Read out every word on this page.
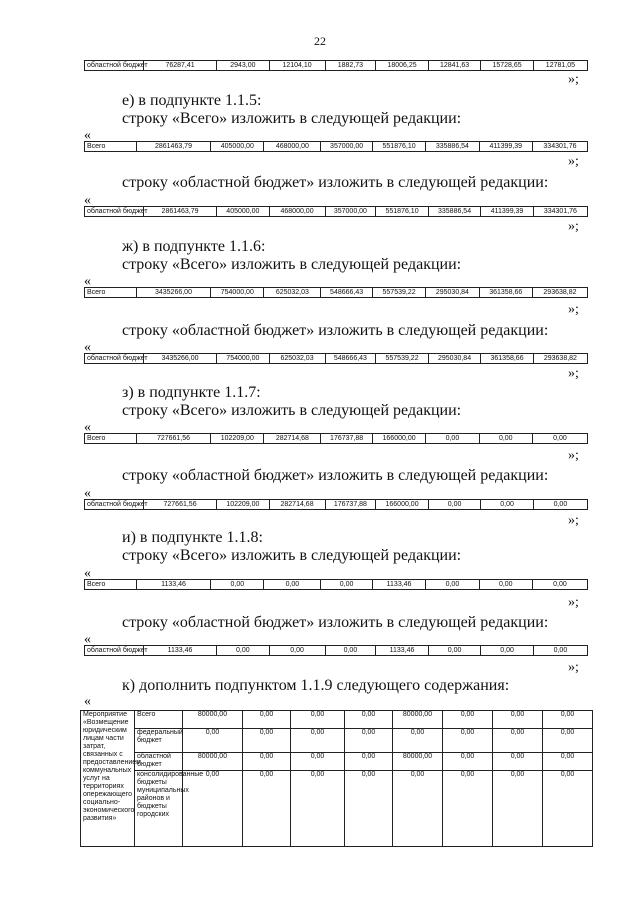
22
областной бюджет	76287,41	2943,00	12104,10	1882,73	18006,25	12841,63	15728,65	12781,05
»;
е) в подпункте 1.1.5:
строку «Всего» изложить в следующей редакции:
«
Всего	2861463,79	405000,00	468000,00	357000,00	551876,10	335886,54	411399,39	334301,76
»;
строку «областной бюджет» изложить в следующей редакции:
«
областной бюджет	2861463,79	405000,00	468000,00	357000,00	551876,10	335886,54	411399,39	334301,76
»;
ж) в подпункте 1.1.6:
строку «Всего» изложить в следующей редакции:
«
Всего	3435266,00	754000,00	625032,03	548666,43	557539,22	295030,84	361358,66	293638,82
»;
строку «областной бюджет» изложить в следующей редакции:
«
областной бюджет	3435266,00	754000,00	625032,03	548666,43	557539,22	295030,84	361358,66	293638,82
»;
з) в подпункте 1.1.7:
строку «Всего» изложить в следующей редакции:
«
Всего	727661,56	102209,00	282714,68	176737,88	166000,00	0,00	0,00	0,00
»;
строку «областной бюджет» изложить в следующей редакции:
«
областной бюджет	727661,56	102209,00	282714,68	176737,88	166000,00	0,00	0,00	0,00
»;
и) в подпункте 1.1.8:
строку «Всего» изложить в следующей редакции:
«
Всего	1133,46	0,00	0,00	0,00	1133,46	0,00	0,00	0,00
»;
строку «областной бюджет» изложить в следующей редакции:
«
областной бюджет	1133,46	0,00	0,00	0,00	1133,46	0,00	0,00	0,00
»;
к) дополнить подпунктом 1.1.9 следующего содержания:
«
Мероприятие «Возмещение юридическим лицам части затрат, связанных с предоставлением коммунальных услуг на территориях опережающего социально-экономического развития»	Всего	80000,00	0,00	0,00	0,00	80000,00	0,00	0,00	0,00
	федеральный бюджет	0,00	0,00	0,00	0,00	0,00	0,00	0,00	0,00
	областной бюджет	80000,00	0,00	0,00	0,00	80000,00	0,00	0,00	0,00
	консолидированные бюджеты муниципальных районов и бюджеты городских	0,00	0,00	0,00	0,00	0,00	0,00	0,00	0,00
